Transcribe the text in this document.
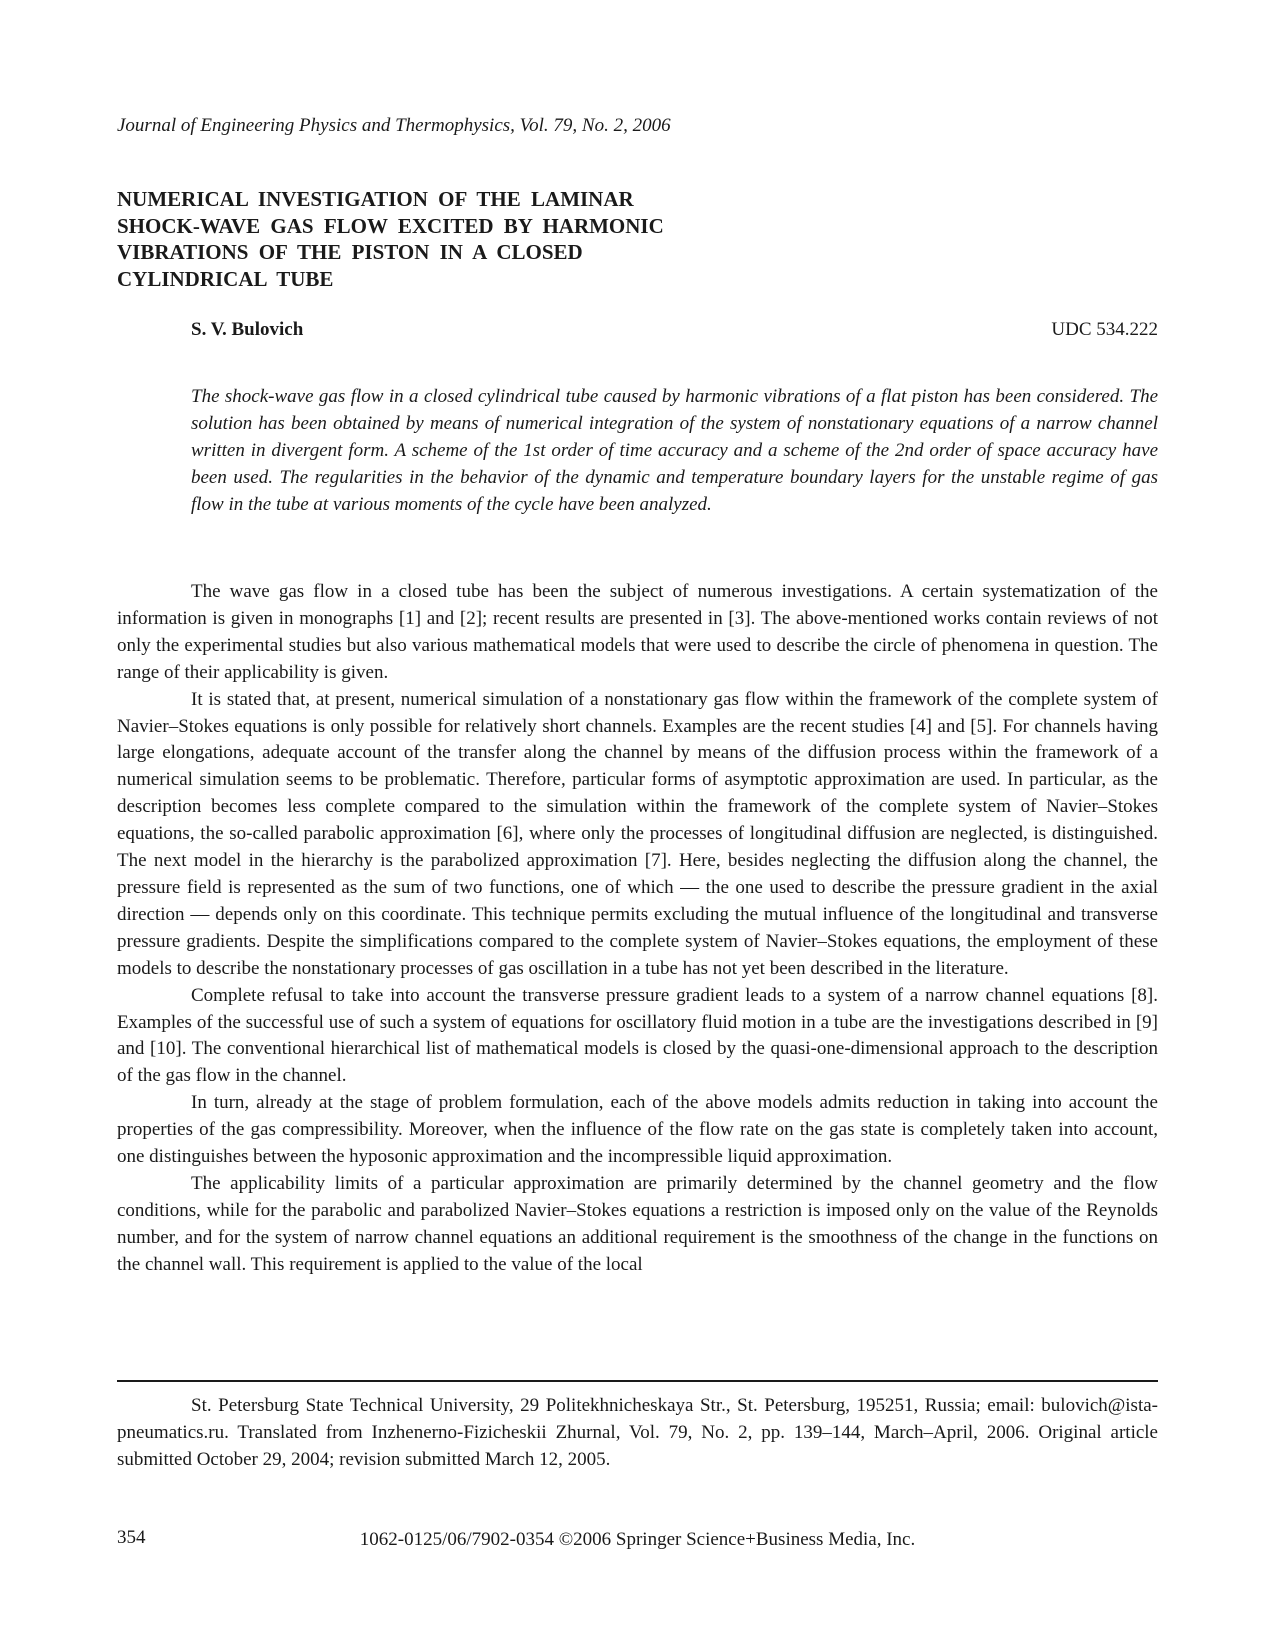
Journal of Engineering Physics and Thermophysics, Vol. 79, No. 2, 2006
NUMERICAL INVESTIGATION OF THE LAMINAR
SHOCK-WAVE GAS FLOW EXCITED BY HARMONIC
VIBRATIONS OF THE PISTON IN A CLOSED
CYLINDRICAL TUBE
S. V. Bulovich	UDC 534.222

The shock-wave gas flow in a closed cylindrical tube caused by harmonic vibrations of a flat piston has been considered. The solution has been obtained by means of numerical integration of the system of nonstationary equations of a narrow channel written in divergent form. A scheme of the 1st order of time accuracy and a scheme of the 2nd order of space accuracy have been used. The regularities in the behavior of the dynamic and temperature boundary layers for the unstable regime of gas flow in the tube at various moments of the cycle have been analyzed.

The wave gas flow in a closed tube has been the subject of numerous investigations. A certain systematization of the information is given in monographs [1] and [2]; recent results are presented in [3]. The above-mentioned works contain reviews of not only the experimental studies but also various mathematical models that were used to describe the circle of phenomena in question. The range of their applicability is given.

It is stated that, at present, numerical simulation of a nonstationary gas flow within the framework of the complete system of Navier–Stokes equations is only possible for relatively short channels. Examples are the recent studies [4] and [5]. For channels having large elongations, adequate account of the transfer along the channel by means of the diffusion process within the framework of a numerical simulation seems to be problematic. Therefore, particular forms of asymptotic approximation are used. In particular, as the description becomes less complete compared to the simulation within the framework of the complete system of Navier–Stokes equations, the so-called parabolic approximation [6], where only the processes of longitudinal diffusion are neglected, is distinguished. The next model in the hierarchy is the parabolized approximation [7]. Here, besides neglecting the diffusion along the channel, the pressure field is represented as the sum of two functions, one of which — the one used to describe the pressure gradient in the axial direction — depends only on this coordinate. This technique permits excluding the mutual influence of the longitudinal and transverse pressure gradients. Despite the simplifications compared to the complete system of Navier–Stokes equations, the employment of these models to describe the nonstationary processes of gas oscillation in a tube has not yet been described in the literature.

Complete refusal to take into account the transverse pressure gradient leads to a system of a narrow channel equations [8]. Examples of the successful use of such a system of equations for oscillatory fluid motion in a tube are the investigations described in [9] and [10]. The conventional hierarchical list of mathematical models is closed by the quasi-one-dimensional approach to the description of the gas flow in the channel.

In turn, already at the stage of problem formulation, each of the above models admits reduction in taking into account the properties of the gas compressibility. Moreover, when the influence of the flow rate on the gas state is completely taken into account, one distinguishes between the hyposonic approximation and the incompressible liquid approximation.

The applicability limits of a particular approximation are primarily determined by the channel geometry and the flow conditions, while for the parabolic and parabolized Navier–Stokes equations a restriction is imposed only on the value of the Reynolds number, and for the system of narrow channel equations an additional requirement is the smoothness of the change in the functions on the channel wall. This requirement is applied to the value of the local

St. Petersburg State Technical University, 29 Politekhnicheskaya Str., St. Petersburg, 195251, Russia; email: bulovich@ista-pneumatics.ru. Translated from Inzhenerno-Fizicheskii Zhurnal, Vol. 79, No. 2, pp. 139–144, March–April, 2006. Original article submitted October 29, 2004; revision submitted March 12, 2005.

354	1062-0125/06/7902-0354 ©2006 Springer Science+Business Media, Inc.
